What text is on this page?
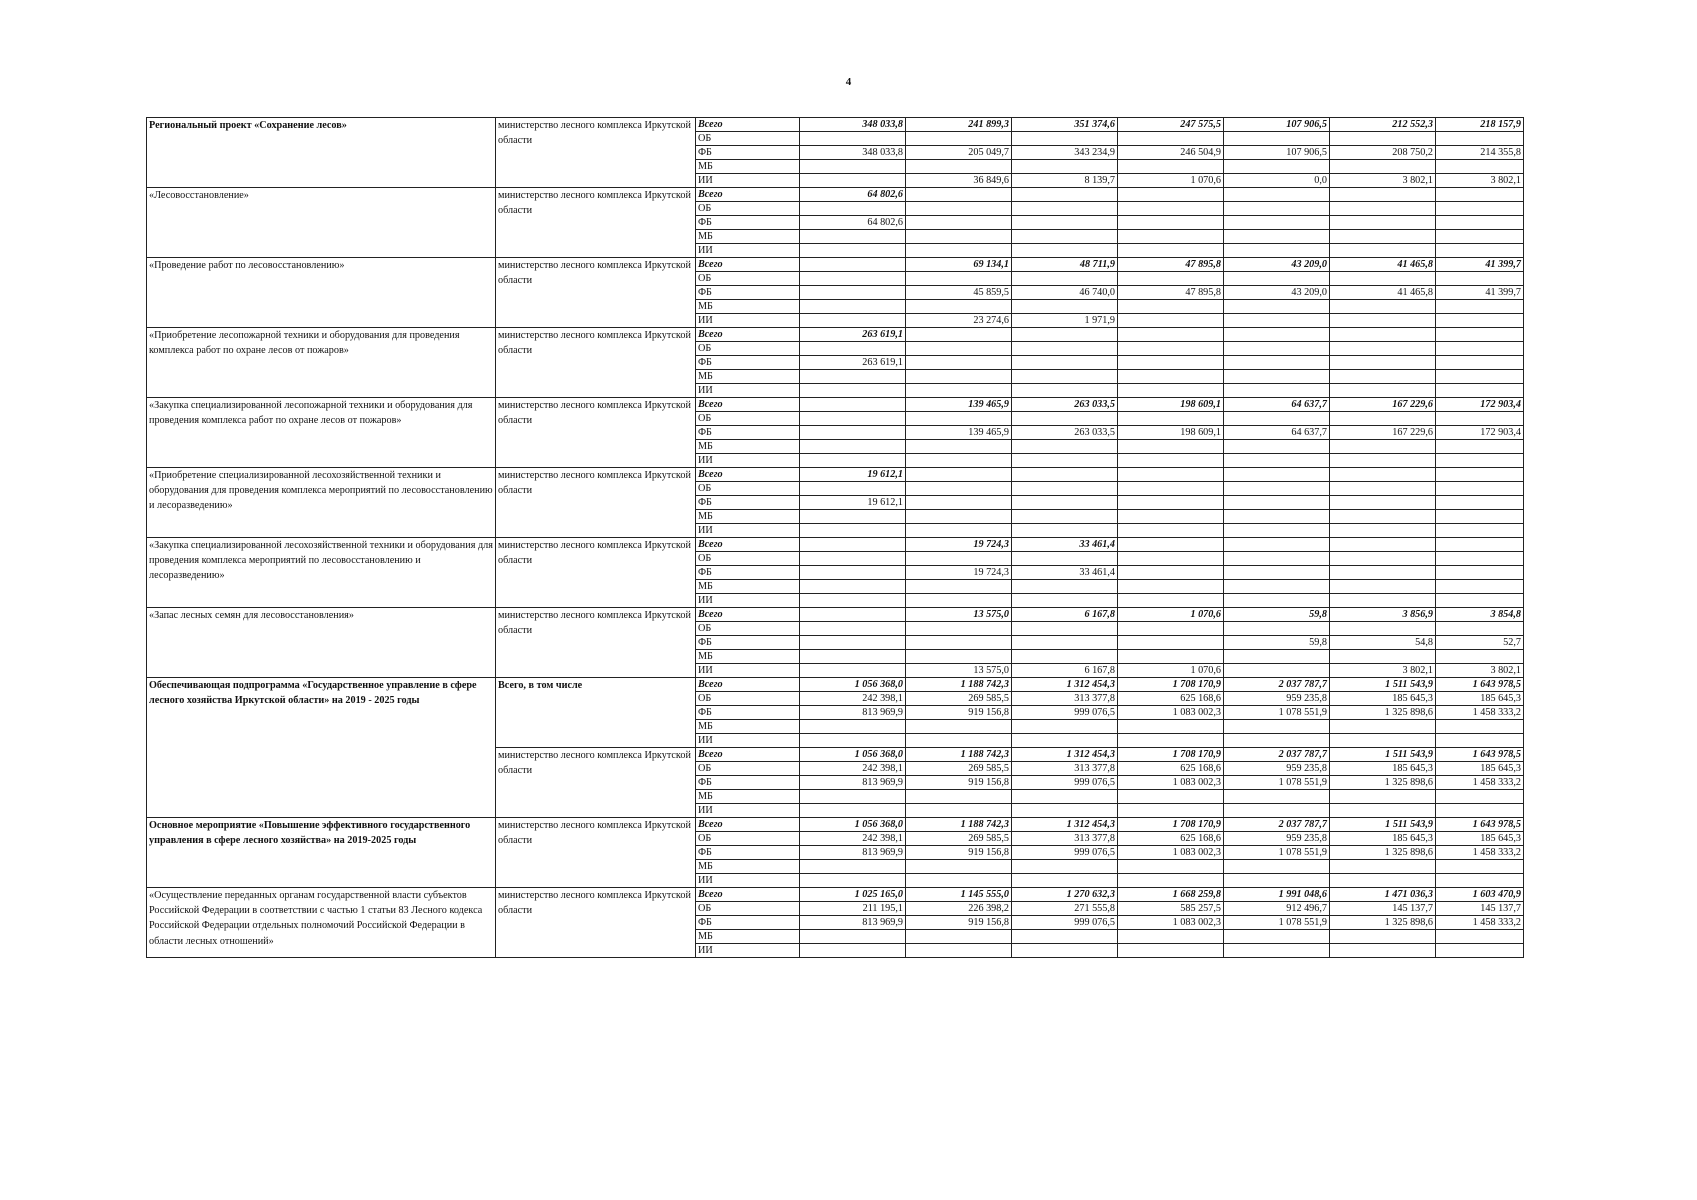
4
Региональный проект «Сохранение лесов»	министерство лесного комплекса Иркутской области	Всего	348 033,8	241 899,3	351 374,6	247 575,5	107 906,5	212 552,3	218 157,9
		ОБ							
		ФБ	348 033,8	205 049,7	343 234,9	246 504,9	107 906,5	208 750,2	214 355,8
		МБ							
		ИИ		36 849,6	8 139,7	1 070,6	0,0	3 802,1	3 802,1
«Лесовосстановление»	министерство лесного комплекса Иркутской области	Всего	64 802,6						
		ОБ							
		ФБ	64 802,6						
		МБ							
		ИИ							
«Проведение работ по лесовосстановлению»	министерство лесного комплекса Иркутской области	Всего		69 134,1	48 711,9	47 895,8	43 209,0	41 465,8	41 399,7
		ОБ							
		ФБ		45 859,5	46 740,0	47 895,8	43 209,0	41 465,8	41 399,7
		МБ							
		ИИ		23 274,6	1 971,9				
«Приобретение лесопожарной техники и оборудования для проведения комплекса работ по охране лесов от пожаров»	министерство лесного комплекса Иркутской области	Всего	263 619,1						
		ОБ							
		ФБ	263 619,1						
		МБ							
		ИИ							
«Закупка специализированной лесопожарной техники и оборудования для проведения комплекса работ по охране лесов от пожаров»	министерство лесного комплекса Иркутской области	Всего		139 465,9	263 033,5	198 609,1	64 637,7	167 229,6	172 903,4
		ОБ							
		ФБ		139 465,9	263 033,5	198 609,1	64 637,7	167 229,6	172 903,4
		МБ							
		ИИ							
«Приобретение специализированной лесохозяйственной техники и оборудования для проведения комплекса мероприятий по лесовосстановлению и лесоразведению»	министерство лесного комплекса Иркутской области	Всего	19 612,1						
		ОБ							
		ФБ	19 612,1						
		МБ							
		ИИ							
«Закупка специализированной лесохозяйственной техники и оборудования для проведения комплекса мероприятий по лесовосстановлению и лесоразведению»	министерство лесного комплекса Иркутской области	Всего		19 724,3	33 461,4				
		ОБ							
		ФБ		19 724,3	33 461,4				
		МБ							
		ИИ							
«Запас лесных семян для лесовосстановления»	министерство лесного комплекса Иркутской области	Всего		13 575,0	6 167,8	1 070,6	59,8	3 856,9	3 854,8
		ОБ							
		ФБ					59,8	54,8	52,7
		МБ							
		ИИ		13 575,0	6 167,8	1 070,6		3 802,1	3 802,1
Обеспечивающая подпрограмма «Государственное управление в сфере лесного хозяйства Иркутской области» на 2019 - 2025 годы	Всего, в том числе	Всего	1 056 368,0	1 188 742,3	1 312 454,3	1 708 170,9	2 037 787,7	1 511 543,9	1 643 978,5
		ОБ	242 398,1	269 585,5	313 377,8	625 168,6	959 235,8	185 645,3	185 645,3
		ФБ	813 969,9	919 156,8	999 076,5	1 083 002,3	1 078 551,9	1 325 898,6	1 458 333,2
		МБ							
		ИИ							
	министерство лесного комплекса Иркутской области	Всего	1 056 368,0	1 188 742,3	1 312 454,3	1 708 170,9	2 037 787,7	1 511 543,9	1 643 978,5
		ОБ	242 398,1	269 585,5	313 377,8	625 168,6	959 235,8	185 645,3	185 645,3
		ФБ	813 969,9	919 156,8	999 076,5	1 083 002,3	1 078 551,9	1 325 898,6	1 458 333,2
		МБ							
		ИИ							
Основное мероприятие «Повышение эффективного государственного управления в сфере лесного хозяйства» на 2019-2025 годы	министерство лесного комплекса Иркутской области	Всего	1 056 368,0	1 188 742,3	1 312 454,3	1 708 170,9	2 037 787,7	1 511 543,9	1 643 978,5
		ОБ	242 398,1	269 585,5	313 377,8	625 168,6	959 235,8	185 645,3	185 645,3
		ФБ	813 969,9	919 156,8	999 076,5	1 083 002,3	1 078 551,9	1 325 898,6	1 458 333,2
		МБ							
		ИИ							
«Осуществление переданных органам государственной власти субъектов Российской Федерации в соответствии с частью 1 статьи 83 Лесного кодекса Российской Федерации отдельных полномочий Российской Федерации в области лесных отношений»	министерство лесного комплекса Иркутской области	Всего	1 025 165,0	1 145 555,0	1 270 632,3	1 668 259,8	1 991 048,6	1 471 036,3	1 603 470,9
		ОБ	211 195,1	226 398,2	271 555,8	585 257,5	912 496,7	145 137,7	145 137,7
		ФБ	813 969,9	919 156,8	999 076,5	1 083 002,3	1 078 551,9	1 325 898,6	1 458 333,2
		МБ							
		ИИ							
